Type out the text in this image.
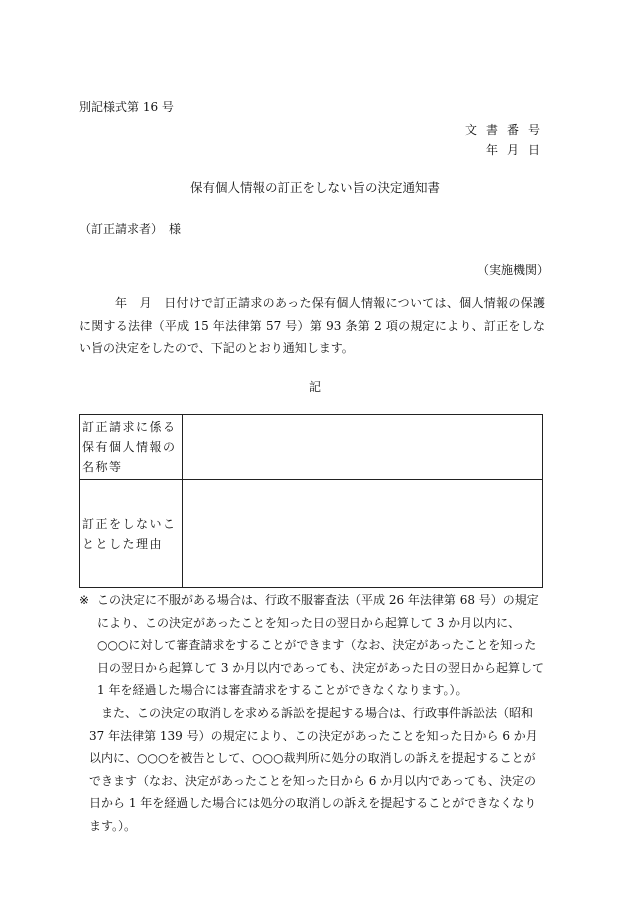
別記様式第 16 号
文書番号
年月日
保有個人情報の訂正をしない旨の決定通知書
（訂正請求者）　様
（実施機関）
年　月　日付けで訂正請求のあった保有個人情報については、個人情報の保護に関する法律（平成 15 年法律第 57 号）第 93 条第 2 項の規定により、訂正をしない旨の決定をしたので、下記のとおり通知します。
記
訂正請求に係る保有個人情報の名称等	
訂正をしないこととした理由	
※ この決定に不服がある場合は、行政不服審査法（平成 26 年法律第 68 号）の規定により、この決定があったことを知った日の翌日から起算して 3 か月以内に、○○○に対して審査請求をすることができます（なお、決定があったことを知った日の翌日から起算して 3 か月以内であっても、決定があった日の翌日から起算して 1 年を経過した場合には審査請求をすることができなくなります。）。
また、この決定の取消しを求める訴訟を提起する場合は、行政事件訴訟法（昭和 37 年法律第 139 号）の規定により、この決定があったことを知った日から 6 か月以内に、○○○を被告として、○○○裁判所に処分の取消しの訴えを提起することができます（なお、決定があったことを知った日から 6 か月以内であっても、決定の日から 1 年を経過した場合には処分の取消しの訴えを提起することができなくなります。）。
